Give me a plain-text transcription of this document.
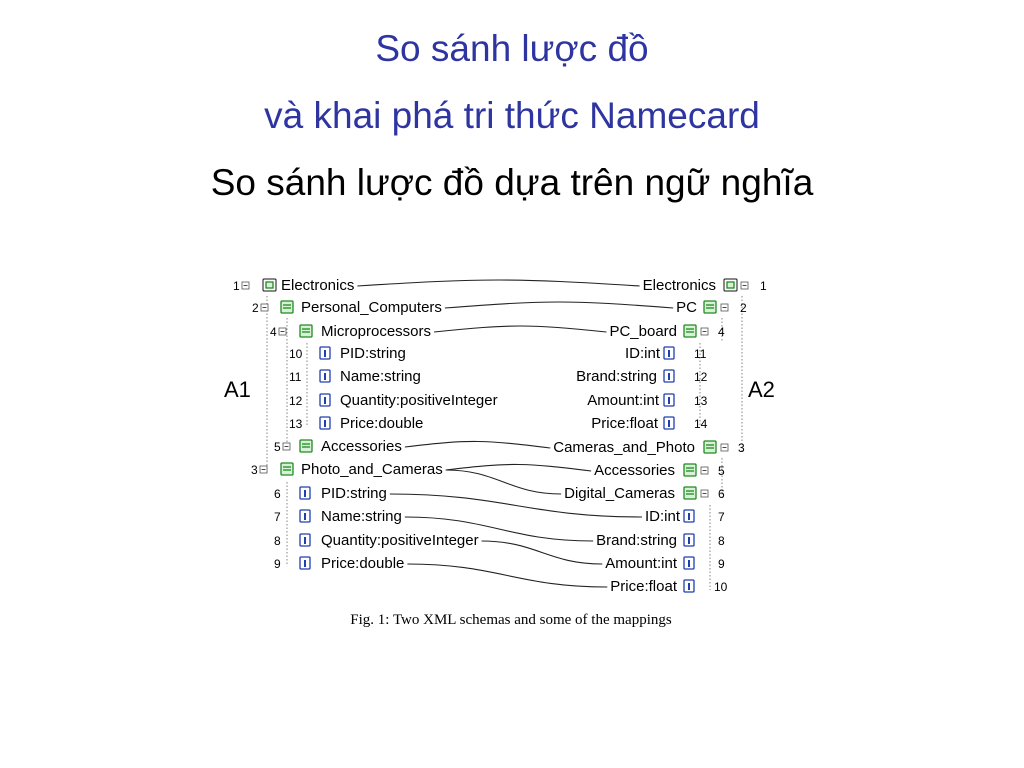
So sánh lược đồ
và khai phá tri thức Namecard
So sánh lược đồ dựa trên ngữ nghĩa
1	Electronics
2	Personal_Computers
4	Microprocessors
10	PID:string
11	Name:string
12	Quantity:positiveInteger
13	Price:double
5	Accessories
3	Photo_and_Cameras
6	PID:string
7	Name:string
8	Quantity:positiveInteger
9	Price:double
Electronics	1
PC	2
PC_board	4
ID:int	11
Brand:string	12
Amount:int	13
Price:float	14
Cameras_and_Photo	3
Accessories	5
Digital_Cameras	6
ID:int	7
Brand:string	8
Amount:int	9
Price:float	10
A1	A2
Fig. 1: Two XML schemas and some of the mappings
